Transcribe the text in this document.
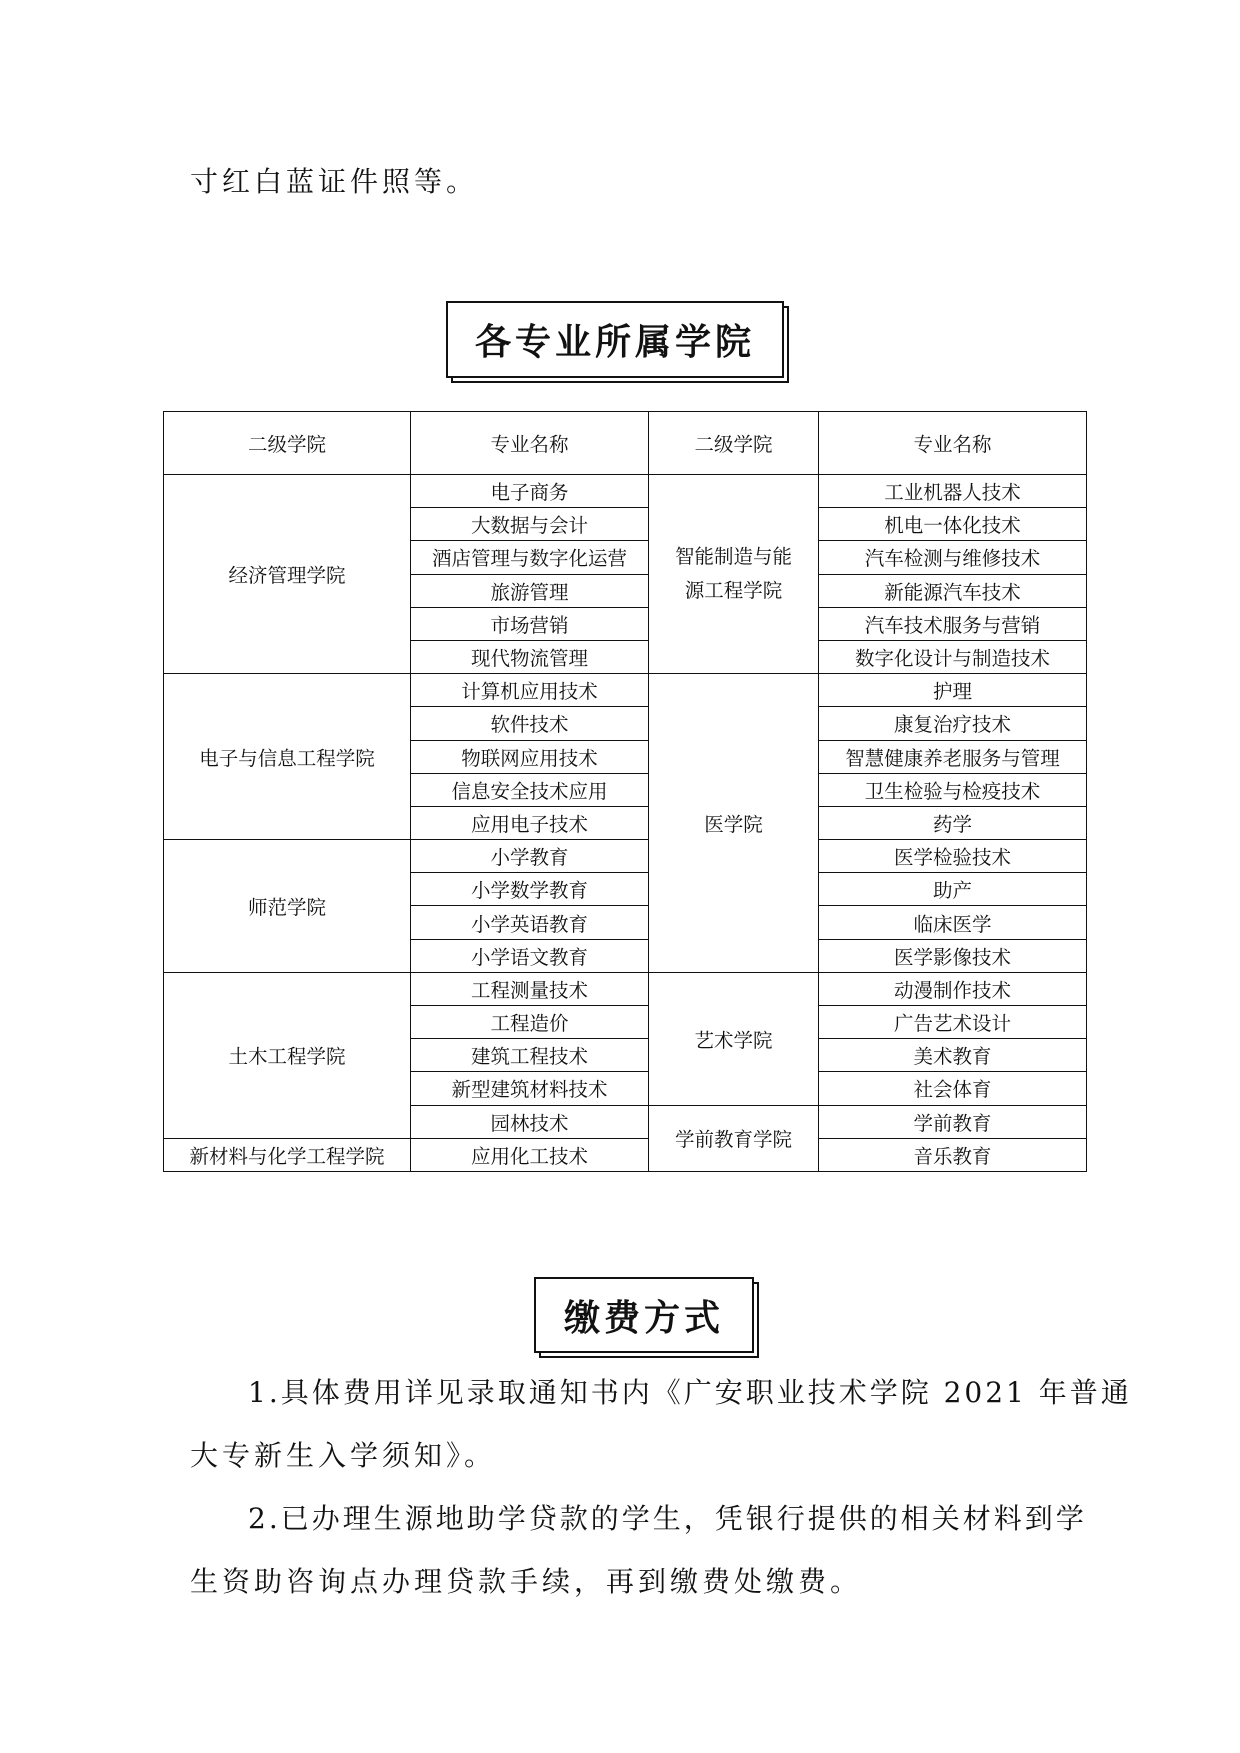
寸红白蓝证件照等。
各专业所属学院
二级学院	专业名称	二级学院	专业名称
经济管理学院	电子商务	智能制造与能源工程学院	工业机器人技术
	大数据与会计		机电一体化技术
	酒店管理与数字化运营		汽车检测与维修技术
	旅游管理		新能源汽车技术
	市场营销		汽车技术服务与营销
	现代物流管理		数字化设计与制造技术
电子与信息工程学院	计算机应用技术	医学院	护理
	软件技术		康复治疗技术
	物联网应用技术		智慧健康养老服务与管理
	信息安全技术应用		卫生检验与检疫技术
	应用电子技术		药学
师范学院	小学教育		医学检验技术
	小学数学教育		助产
	小学英语教育		临床医学
	小学语文教育		医学影像技术
土木工程学院	工程测量技术	艺术学院	动漫制作技术
	工程造价		广告艺术设计
	建筑工程技术		美术教育
	新型建筑材料技术		社会体育
	园林技术	学前教育学院	学前教育
新材料与化学工程学院	应用化工技术		音乐教育
缴费方式
1.具体费用详见录取通知书内《广安职业技术学院 2021 年普通
大专新生入学须知》。
2.已办理生源地助学贷款的学生，凭银行提供的相关材料到学
生资助咨询点办理贷款手续，再到缴费处缴费。
